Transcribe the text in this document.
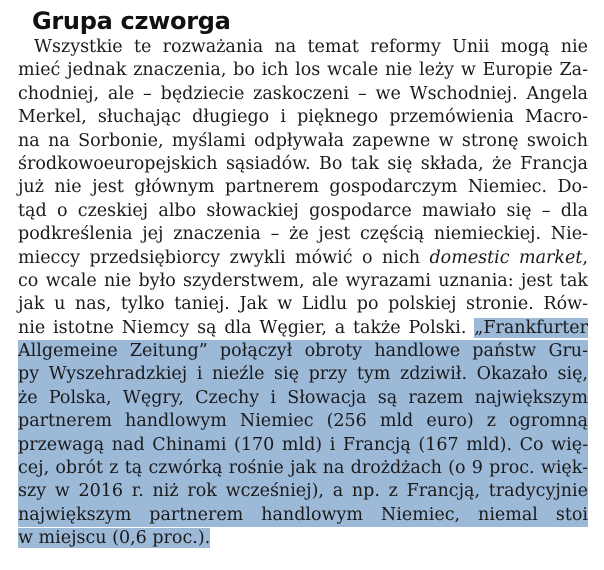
Grupa czworga
Wszystkie te rozważania na temat reformy Unii mogą nie
mieć jednak znaczenia, bo ich los wcale nie leży w Europie Za-
chodniej, ale – będziecie zaskoczeni – we Wschodniej. Angela
Merkel, słuchając długiego i pięknego przemówienia Macro-
na na Sorbonie, myślami odpływała zapewne w stronę swoich
środkowoeuropejskich sąsiadów. Bo tak się składa, że Francja
już nie jest głównym partnerem gospodarczym Niemiec. Do-
tąd o czeskiej albo słowackiej gospodarce mawiało się – dla
podkreślenia jej znaczenia – że jest częścią niemieckiej. Nie-
mieccy przedsiębiorcy zwykli mówić o nich domestic market,
co wcale nie było szyderstwem, ale wyrazami uznania: jest tak
jak u nas, tylko taniej. Jak w Lidlu po polskiej stronie. Rów-
nie istotne Niemcy są dla Węgier, a także Polski. „Frankfurter
Allgemeine Zeitung” połączył obroty handlowe państw Gru-
py Wyszehradzkiej i nieźle się przy tym zdziwił. Okazało się,
że Polska, Węgry, Czechy i Słowacja są razem największym
partnerem handlowym Niemiec (256 mld euro) z ogromną
przewagą nad Chinami (170 mld) i Francją (167 mld). Co wię-
cej, obrót z tą czwórką rośnie jak na drożdżach (o 9 proc. więk-
szy w 2016 r. niż rok wcześniej), a np. z Francją, tradycyjnie
największym partnerem handlowym Niemiec, niemal stoi
w miejscu (0,6 proc.).
